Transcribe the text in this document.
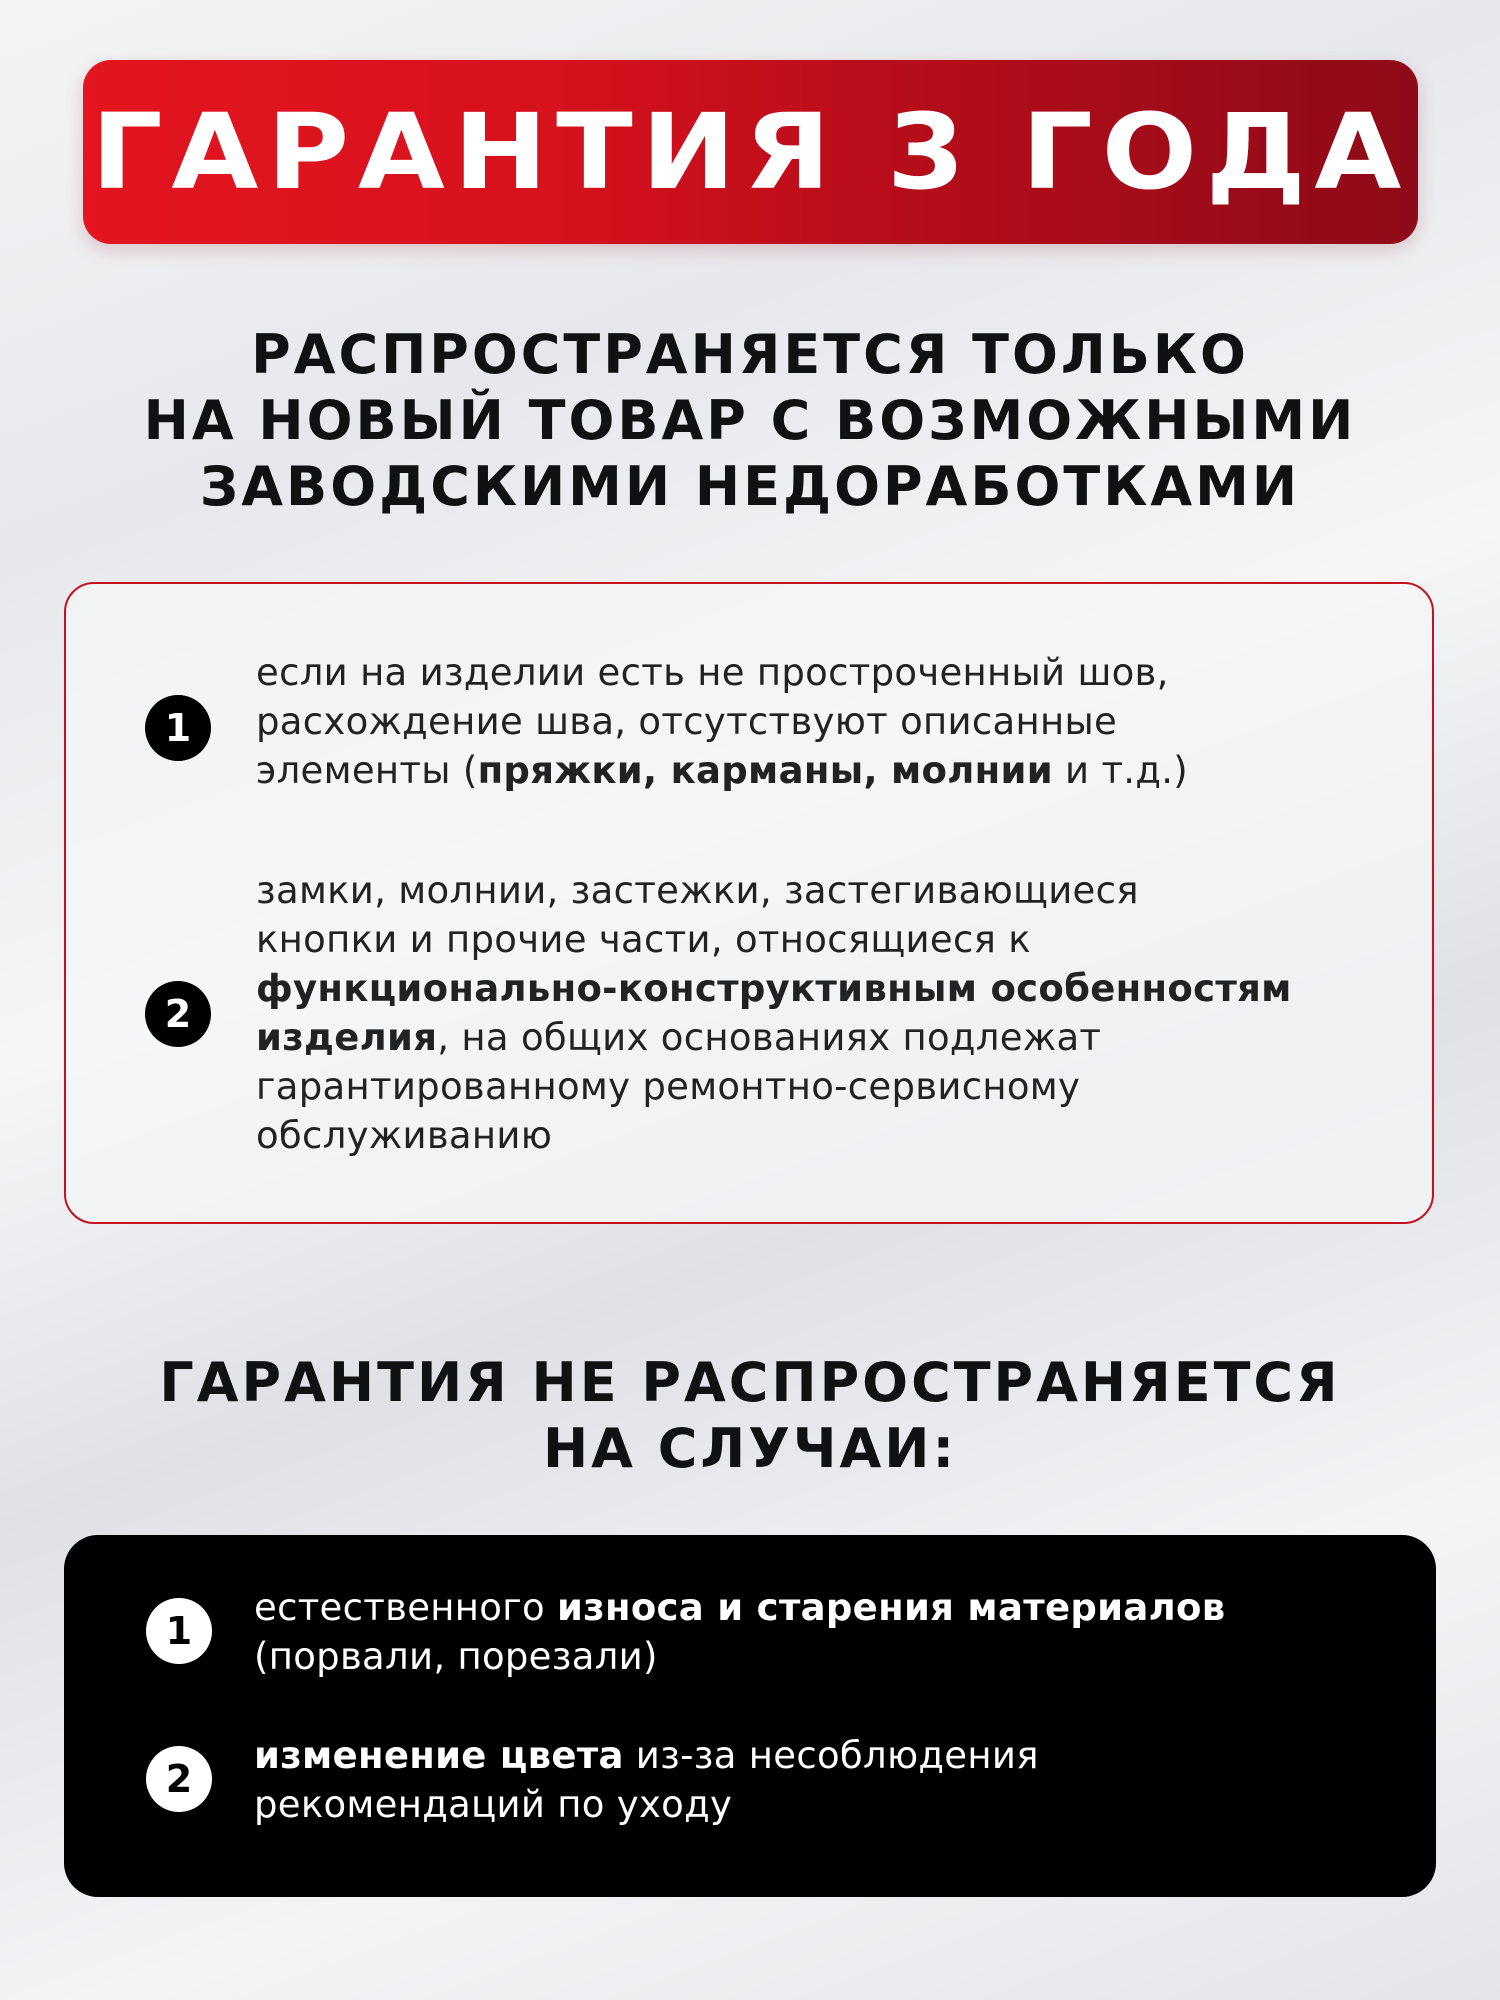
ГАРАНТИЯ 3 ГОДА
РАСПРОСТРАНЯЕТСЯ ТОЛЬКО
НА НОВЫЙ ТОВАР С ВОЗМОЖНЫМИ
ЗАВОДСКИМИ НЕДОРАБОТКАМИ
1
если на изделии есть не простроченный шов,
расхождение шва, отсутствуют описанные
элементы (пряжки, карманы, молнии и т.д.)
2
замки, молнии, застежки, застегивающиеся
кнопки и прочие части, относящиеся к
функционально-конструктивным особенностям
изделия, на общих основаниях подлежат
гарантированному ремонтно-сервисному
обслуживанию
ГАРАНТИЯ НЕ РАСПРОСТРАНЯЕТСЯ
НА СЛУЧАИ:
1
естественного износа и старения материалов
(порвали, порезали)
2
изменение цвета из-за несоблюдения
рекомендаций по уходу
